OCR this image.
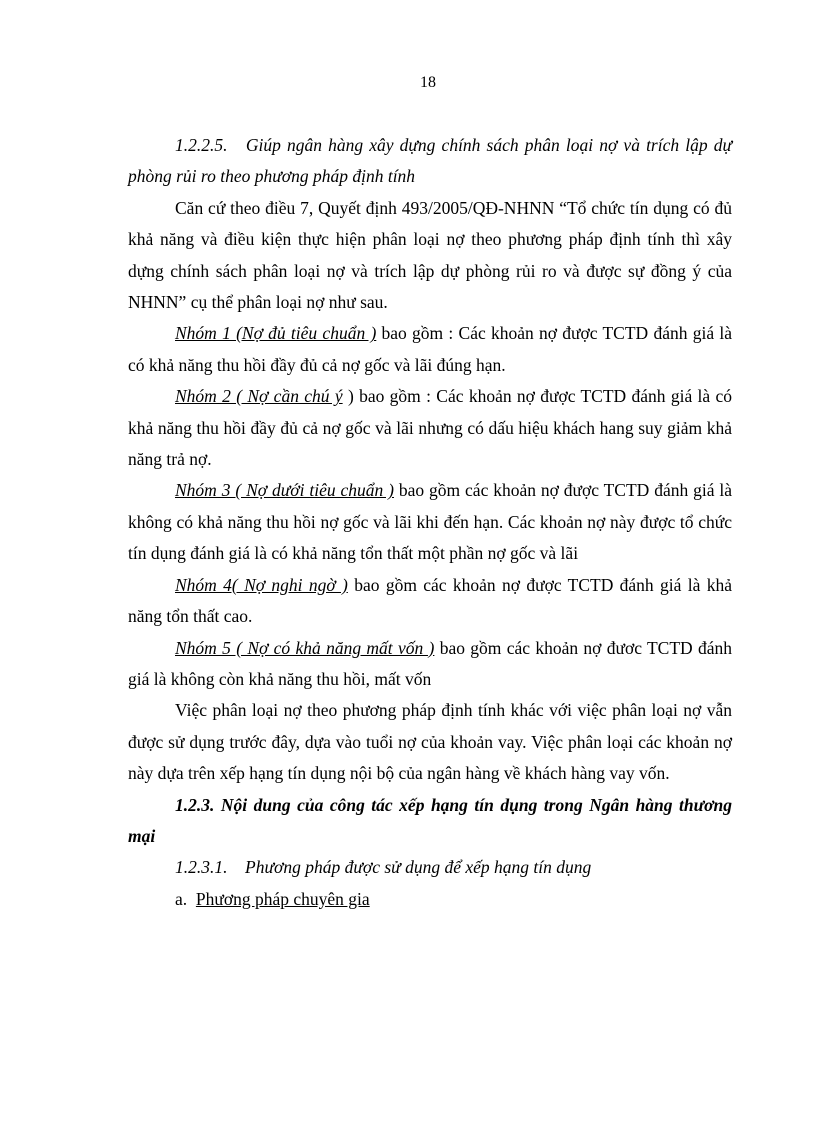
18

1.2.2.5. Giúp ngân hàng xây dựng chính sách phân loại nợ và trích lập dự phòng rủi ro theo phương pháp định tính

Căn cứ theo điều 7, Quyết định 493/2005/QĐ-NHNN “Tổ chức tín dụng có đủ khả năng và điều kiện thực hiện phân loại nợ theo phương pháp định tính thì xây dựng chính sách phân loại nợ và trích lập dự phòng rủi ro và được sự đồng ý của NHNN” cụ thể phân loại nợ như sau.

Nhóm 1 (Nợ đủ tiêu chuẩn ) bao gồm : Các khoản nợ được TCTD đánh giá là có khả năng thu hồi đầy đủ cả nợ gốc và lãi đúng hạn.

Nhóm 2 ( Nợ cần chú ý ) bao gồm : Các khoản nợ được TCTD đánh giá là có khả năng thu hồi đầy đủ cả nợ gốc và lãi nhưng có dấu hiệu khách hang suy giảm khả năng trả nợ.

Nhóm 3 ( Nợ dưới tiêu chuẩn ) bao gồm các khoản nợ được TCTD đánh giá là không có khả năng thu hồi nợ gốc và lãi khi đến hạn. Các khoản nợ này được tổ chức tín dụng đánh giá là có khả năng tổn thất một phần nợ gốc và lãi

Nhóm 4( Nợ nghi ngờ ) bao gồm các khoản nợ được TCTD đánh giá là khả năng tổn thất cao.

Nhóm 5 ( Nợ có khả năng mất vốn ) bao gồm các khoản nợ đươc TCTD đánh giá là không còn khả năng thu hồi, mất vốn

Việc phân loại nợ theo phương pháp định tính khác với việc phân loại nợ vẫn được sử dụng trước đây, dựa vào tuổi nợ của khoản vay. Việc phân loại các khoản nợ này dựa trên xếp hạng tín dụng nội bộ của ngân hàng về khách hàng vay vốn.

1.2.3. Nội dung của công tác xếp hạng tín dụng trong Ngân hàng thương mại

1.2.3.1. Phương pháp được sử dụng để xếp hạng tín dụng

a. Phương pháp chuyên gia
